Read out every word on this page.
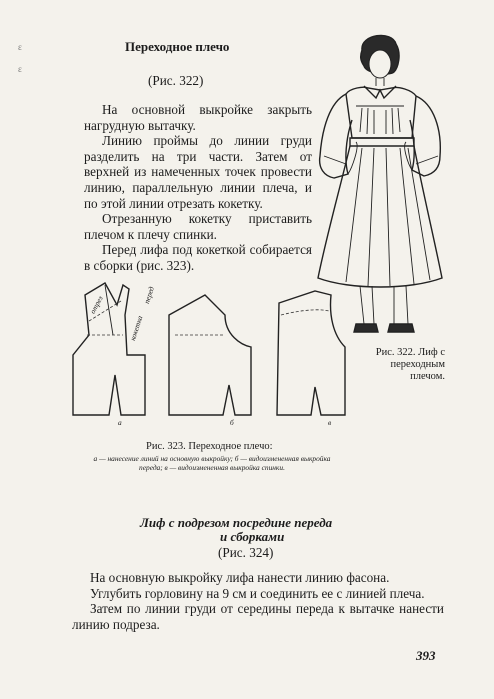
ε
ε
Переходное плечо
(Рис. 322)

На основной выкройке закрыть нагрудную вытачку.

Линию проймы до линии груди разделить на три части. Затем от верхней из намеченных точек провести линию, параллельную линии плеча, и по этой линии отрезать кокетку.

Отрезанную кокетку приставить плечом к плечу спинки.

Перед лифа под кокеткой собирается в сборки (рис. 323).

Рис. 322. Лиф с переходным плечом.
отрез
кокетка
перед
а	б	в
Рис. 323. Переходное плечо:
а — нанесение линий на основную выкройку; б — видоизмененная выкройка переда; в — видоизмененная выкройка спинки.
Лиф с подрезом посредине переда
и сборками
(Рис. 324)

На основную выкройку лифа нанести линию фасона.

Углубить горловину на 9 см и соединить ее с линией плеча.

Затем по линии груди от середины переда к вытачке нанести линию подреза.

393
